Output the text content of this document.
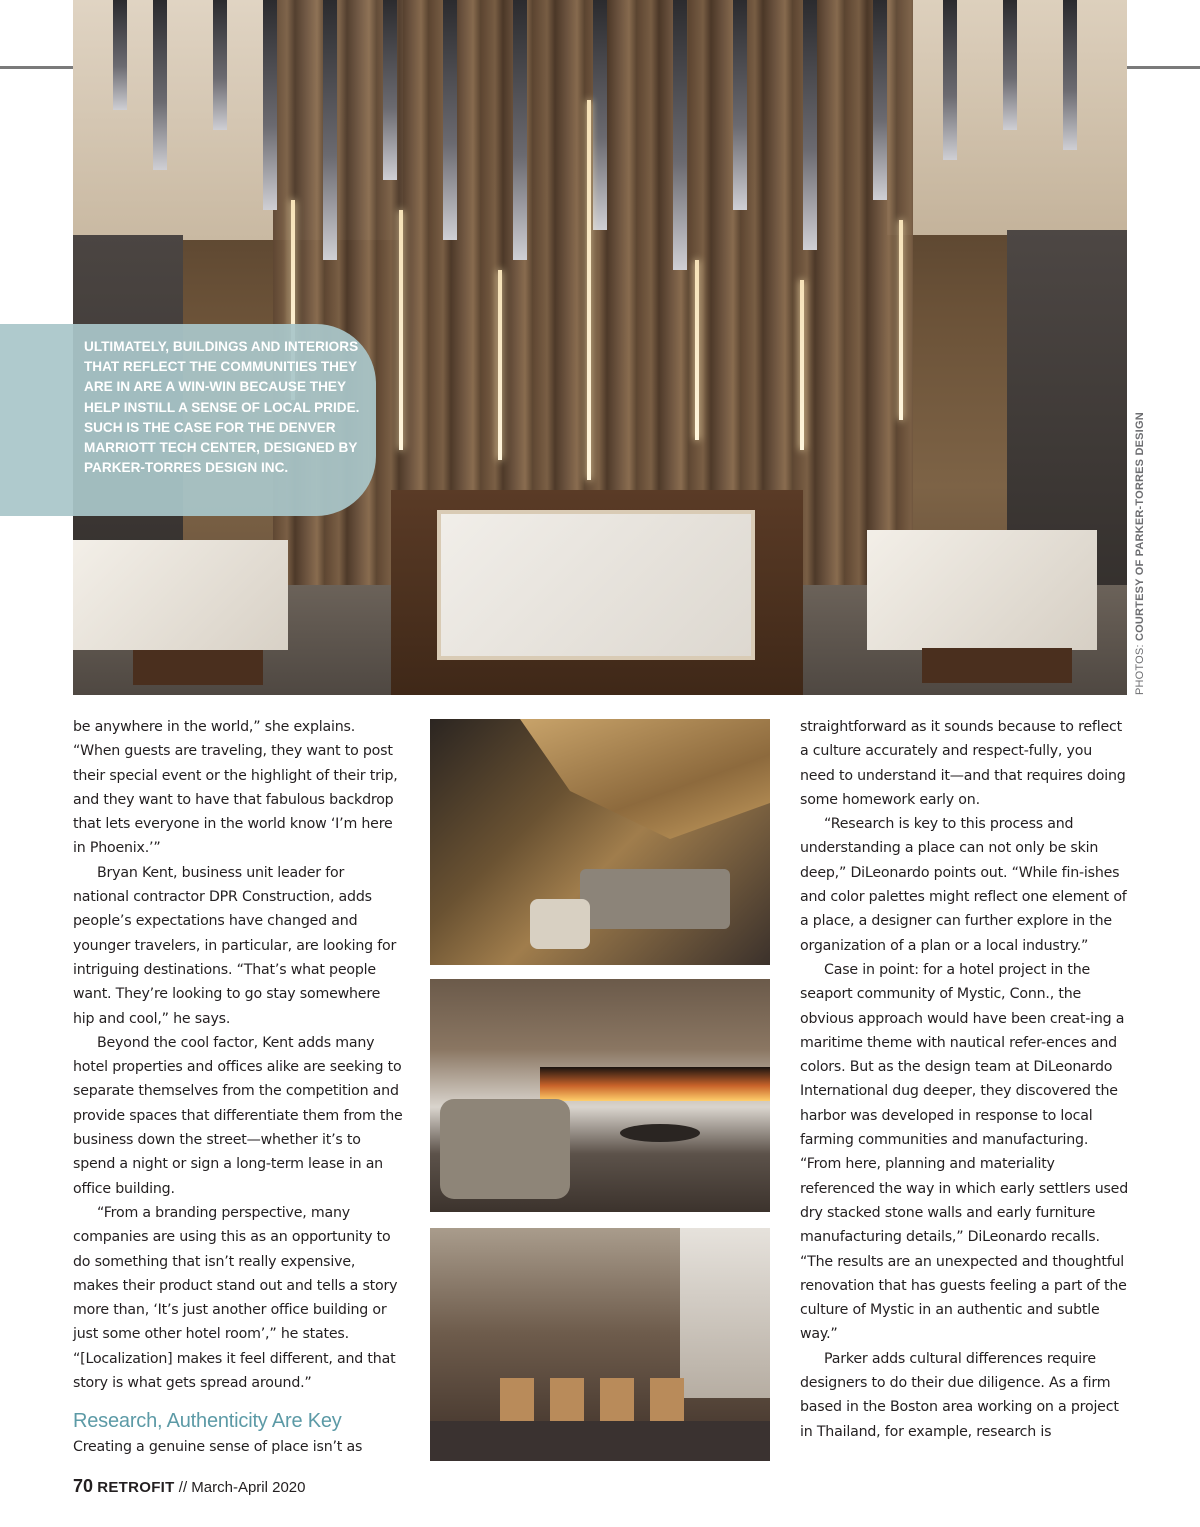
ULTIMATELY, BUILDINGS AND INTERIORS THAT REFLECT THE COMMUNITIES THEY ARE IN ARE A WIN-WIN BECAUSE THEY HELP INSTILL A SENSE OF LOCAL PRIDE. SUCH IS THE CASE FOR THE DENVER MARRIOTT TECH CENTER, DESIGNED BY PARKER-TORRES DESIGN INC.

PHOTOS: COURTESY OF PARKER-TORRES DESIGN

be anywhere in the world,” she explains. “When guests are traveling, they want to post their special event or the highlight of their trip, and they want to have that fabulous backdrop that lets everyone in the world know ‘I’m here in Phoenix.’”

Bryan Kent, business unit leader for national contractor DPR Construction, adds people’s expectations have changed and younger travelers, in particular, are looking for intriguing destinations. “That’s what people want. They’re looking to go stay somewhere hip and cool,” he says.

Beyond the cool factor, Kent adds many hotel properties and offices alike are seeking to separate themselves from the competition and provide spaces that differentiate them from the business down the street—whether it’s to spend a night or sign a long-term lease in an office building.

“From a branding perspective, many companies are using this as an opportunity to do something that isn’t really expensive, makes their product stand out and tells a story more than, ‘It’s just another office building or just some other hotel room’,” he states. “[Localization] makes it feel different, and that story is what gets spread around.”

Research, Authenticity Are Key

Creating a genuine sense of place isn’t as

straightforward as it sounds because to reflect a culture accurately and respect-fully, you need to understand it—and that requires doing some homework early on.

“Research is key to this process and understanding a place can not only be skin deep,” DiLeonardo points out. “While fin-ishes and color palettes might reflect one element of a place, a designer can further explore in the organization of a plan or a local industry.”

Case in point: for a hotel project in the seaport community of Mystic, Conn., the obvious approach would have been creat-ing a maritime theme with nautical refer-ences and colors. But as the design team at DiLeonardo International dug deeper, they discovered the harbor was developed in response to local farming communities and manufacturing. “From here, planning and materiality referenced the way in which early settlers used dry stacked stone walls and early furniture manufacturing details,” DiLeonardo recalls. “The results are an unexpected and thoughtful renovation that has guests feeling a part of the culture of Mystic in an authentic and subtle way.”

Parker adds cultural differences require designers to do their due diligence. As a firm based in the Boston area working on a project in Thailand, for example, research is

70 RETROFIT // March-April 2020
